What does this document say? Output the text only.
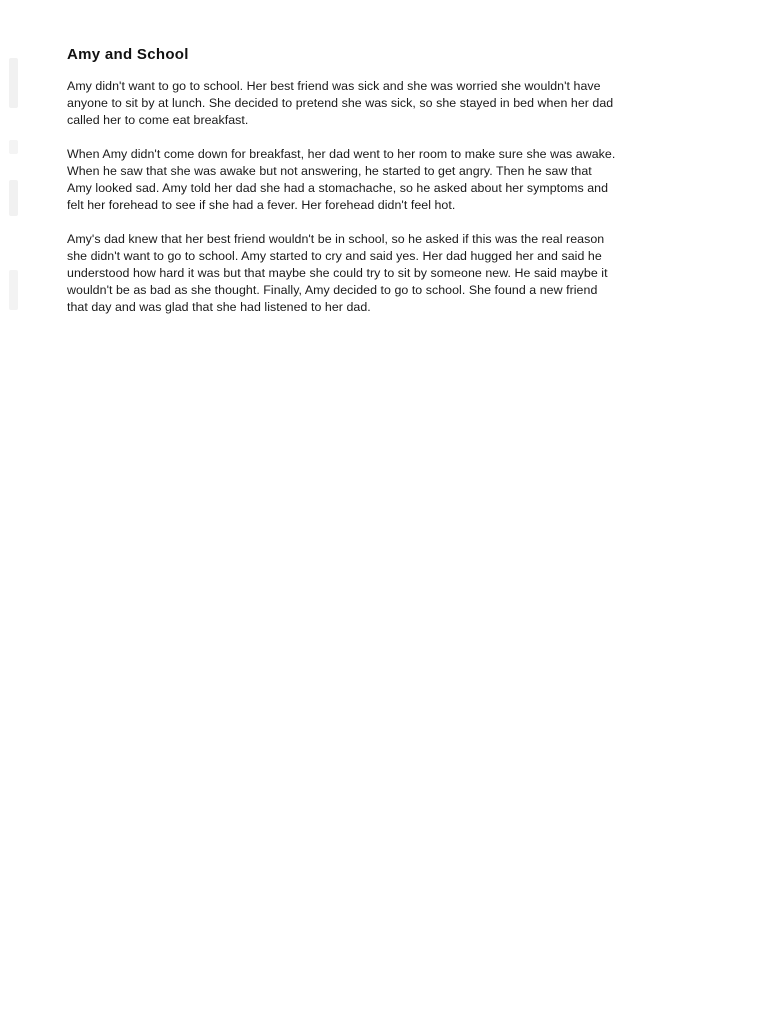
Amy and School

Amy didn't want to go to school. Her best friend was sick and she was worried she wouldn't have
anyone to sit by at lunch. She decided to pretend she was sick, so she stayed in bed when her dad
called her to come eat breakfast.

When Amy didn't come down for breakfast, her dad went to her room to make sure she was awake.
When he saw that she was awake but not answering, he started to get angry. Then he saw that
Amy looked sad. Amy told her dad she had a stomachache, so he asked about her symptoms and
felt her forehead to see if she had a fever. Her forehead didn't feel hot.

Amy's dad knew that her best friend wouldn't be in school, so he asked if this was the real reason
she didn't want to go to school. Amy started to cry and said yes. Her dad hugged her and said he
understood how hard it was but that maybe she could try to sit by someone new. He said maybe it
wouldn't be as bad as she thought. Finally, Amy decided to go to school. She found a new friend
that day and was glad that she had listened to her dad.
